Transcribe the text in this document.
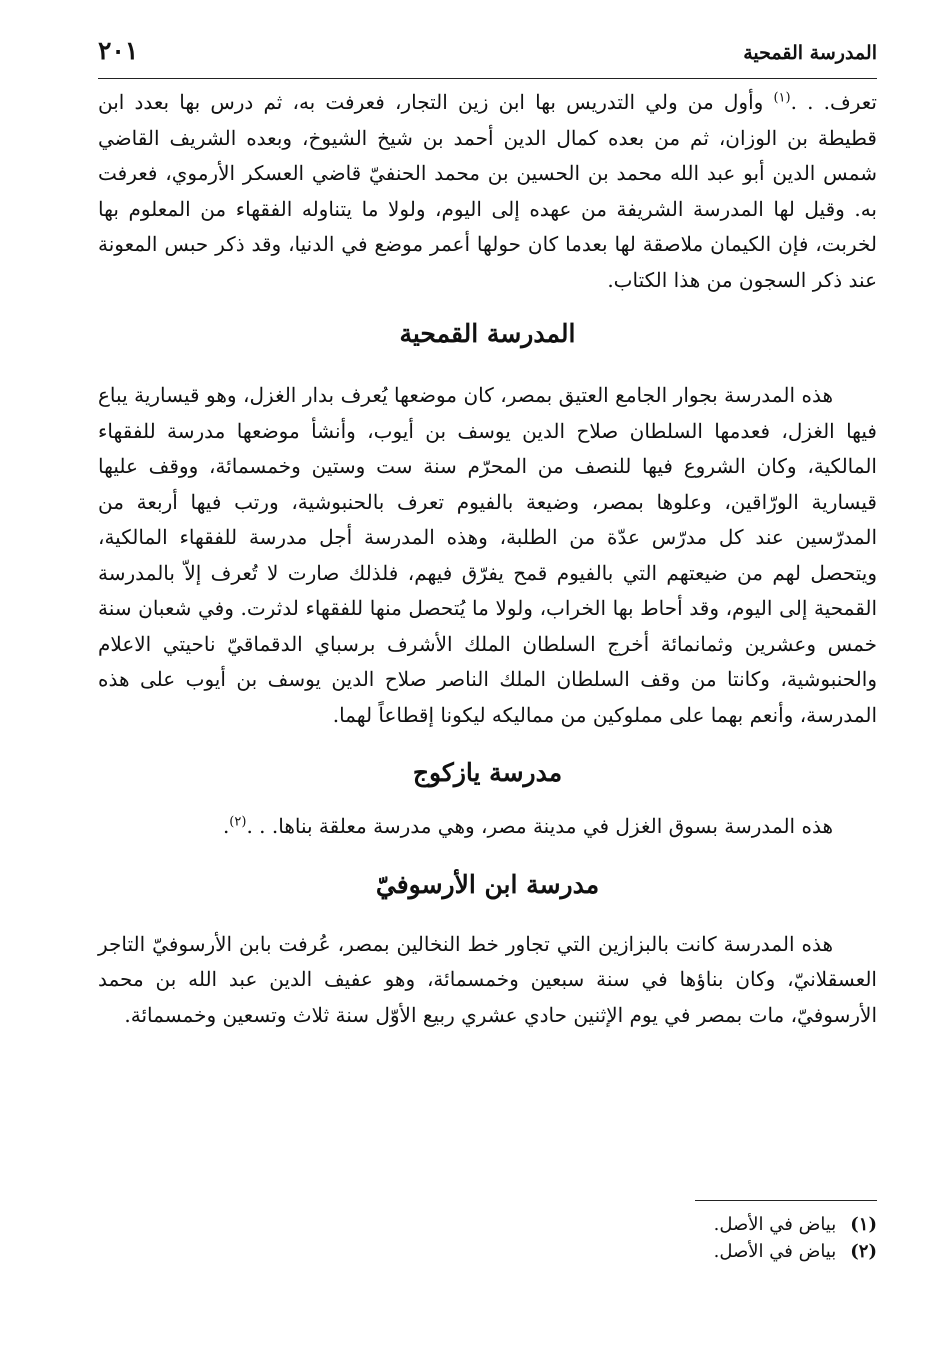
المدرسة القمحية
٢٠١

تعرف. . .$^{(١)}$ وأول من ولي التدريس بها ابن زين التجار، فعرفت به، ثم درس بها بعدد ابن قطيطة بن الوزان، ثم من بعده كمال الدين أحمد بن شيخ الشيوخ، وبعده الشريف القاضي شمس الدين أبو عبد الله محمد بن الحسين بن محمد الحنفيّ قاضي العسكر الأرموي، فعرفت به. وقيل لها المدرسة الشريفة من عهده إلى اليوم، ولولا ما يتناوله الفقهاء من المعلوم بها لخربت، فإن الكيمان ملاصقة لها بعدما كان حولها أعمر موضع في الدنيا، وقد ذكر حبس المعونة عند ذكر السجون من هذا الكتاب.

المدرسة القمحية

هذه المدرسة بجوار الجامع العتيق بمصر، كان موضعها يُعرف بدار الغزل، وهو قيسارية يباع فيها الغزل، فعدمها السلطان صلاح الدين يوسف بن أيوب، وأنشأ موضعها مدرسة للفقهاء المالكية، وكان الشروع فيها للنصف من المحرّم سنة ست وستين وخمسمائة، ووقف عليها قيسارية الورّاقين، وعلوها بمصر، وضيعة بالفيوم تعرف بالحنبوشية، ورتب فيها أربعة من المدرّسين عند كل مدرّس عدّة من الطلبة، وهذه المدرسة أجل مدرسة للفقهاء المالكية، ويتحصل لهم من ضيعتهم التي بالفيوم قمح يفرّق فيهم، فلذلك صارت لا تُعرف إلاّ بالمدرسة القمحية إلى اليوم، وقد أحاط بها الخراب، ولولا ما يُتحصل منها للفقهاء لدثرت. وفي شعبان سنة خمس وعشرين وثمانمائة أخرج السلطان الملك الأشرف برسباي الدقماقيّ ناحيتي الاعلام والحنبوشية، وكانتا من وقف السلطان الملك الناصر صلاح الدين يوسف بن أيوب على هذه المدرسة، وأنعم بهما على مملوكين من مماليكه ليكونا إقطاعاً لهما.

مدرسة يازكوج

هذه المدرسة بسوق الغزل في مدينة مصر، وهي مدرسة معلقة بناها. . .$^{(٢)}$.

مدرسة ابن الأرسوفيّ

هذه المدرسة كانت بالبزازين التي تجاور خط النخالين بمصر، عُرفت بابن الأرسوفيّ التاجر العسقلانيّ، وكان بناؤها في سنة سبعين وخمسمائة، وهو عفيف الدين عبد الله بن محمد الأرسوفيّ، مات بمصر في يوم الإثنين حادي عشري ربيع الأوّل سنة ثلاث وتسعين وخمسمائة.

(١)بياض في الأصل.
(٢)بياض في الأصل.
